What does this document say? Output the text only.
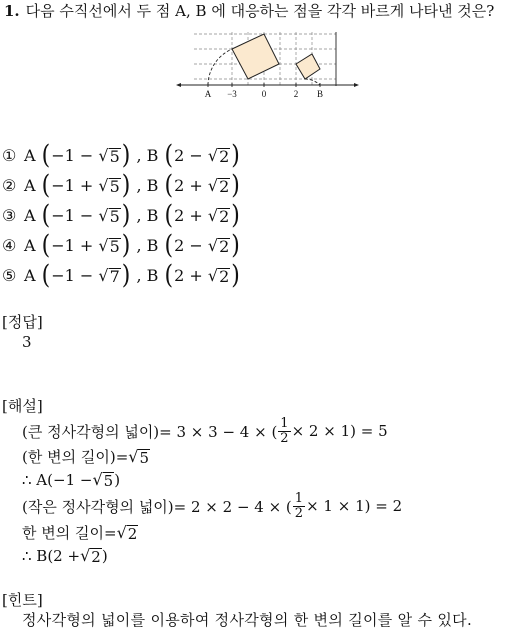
1. 다음 수직선에서 두 점 A, B 에 대응하는 점을 각각 바르게 나타낸 것은?
A −3	0	2 B
① A ( −1 −
√ 5 ) , B ( 2 −
√ 2 )
② A ( −1 +
√ 5 ) , B ( 2 +
√ 2 )
③ A ( −1 −
√ 5 ) , B ( 2 +
√ 2 )
④ A ( −1 +
√ 5 ) , B ( 2 −
√ 2 )
⑤ A ( −1 −
√ 7 ) , B ( 2 +
√ 2 )
[정답]
3
[해설]
(큰 정사각형의 넓이)= 3 × 3 − 4 × ( $\frac{1}{2} \times 2 \times 1) = 5$
(한 변의 길이)= √ 5
∴ A(−1 − √ 5 )
(작은 정사각형의 넓이)= 2 × 2 − 4 × ( $\frac{1}{2} \times 1 \times 1) = 2$
한 변의 길이= √ 2
∴ B(2 + √ 2 )
[힌트]
정사각형의 넓이를 이용하여 정사각형의 한 변의 길이를 알 수 있다.
